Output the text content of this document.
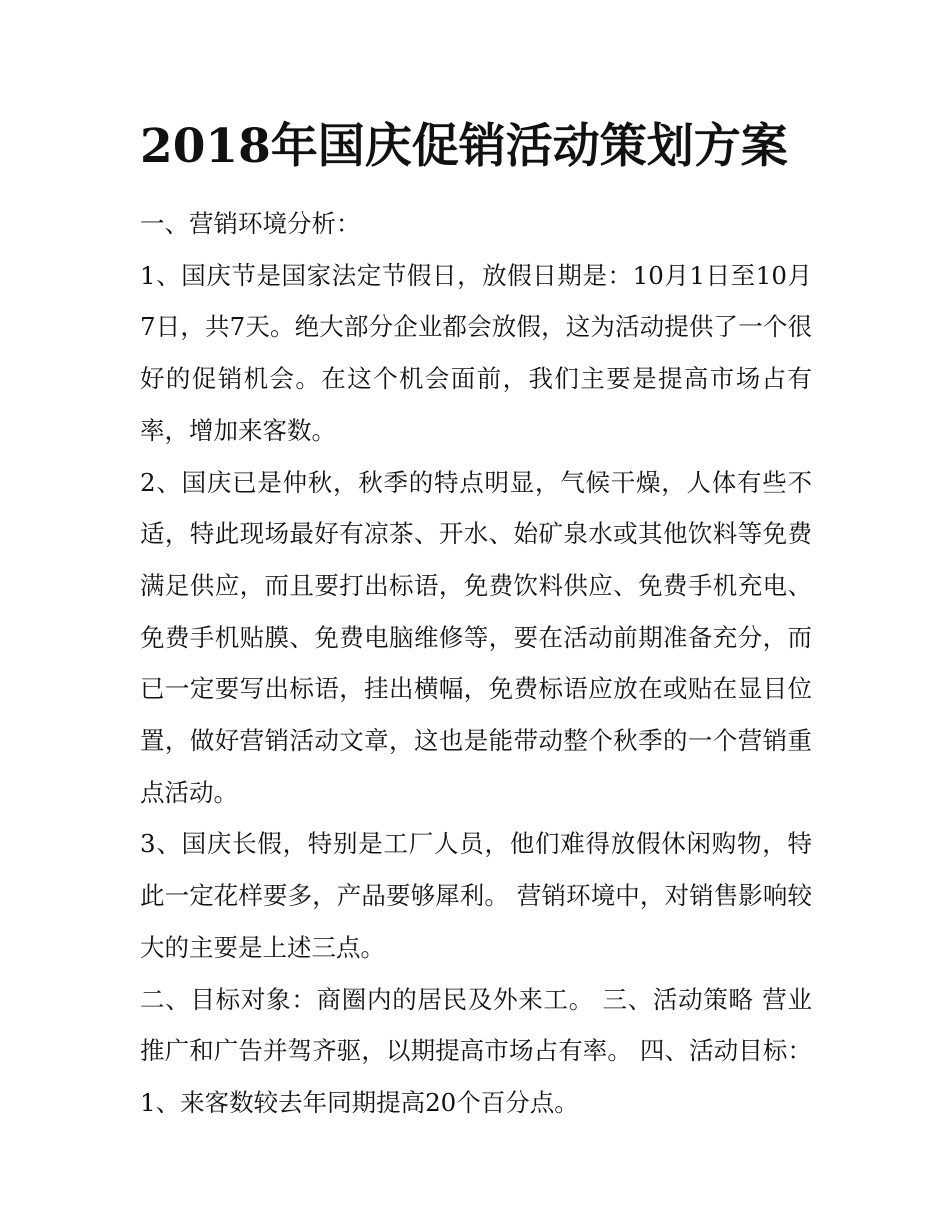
2018年国庆促销活动策划方案

一、营销环境分析：

1、国庆节是国家法定节假日，放假日期是：10月1日至10月7日，共7天。绝大部分企业都会放假，这为活动提供了一个很好的促销机会。在这个机会面前，我们主要是提高市场占有率，增加来客数。

2、国庆已是仲秋，秋季的特点明显，气候干燥，人体有些不适，特此现场最好有凉茶、开水、始矿泉水或其他饮料等免费满足供应，而且要打出标语，免费饮料供应、免费手机充电、免费手机贴膜、免费电脑维修等，要在活动前期准备充分，而已一定要写出标语，挂出横幅，免费标语应放在或贴在显目位置，做好营销活动文章，这也是能带动整个秋季的一个营销重点活动。

3、国庆长假，特别是工厂人员，他们难得放假休闲购物，特此一定花样要多，产品要够犀利。 营销环境中，对销售影响较大的主要是上述三点。

二、目标对象：商圈内的居民及外来工。 三、活动策略 营业推广和广告并驾齐驱，以期提高市场占有率。 四、活动目标： 1、来客数较去年同期提高20个百分点。
